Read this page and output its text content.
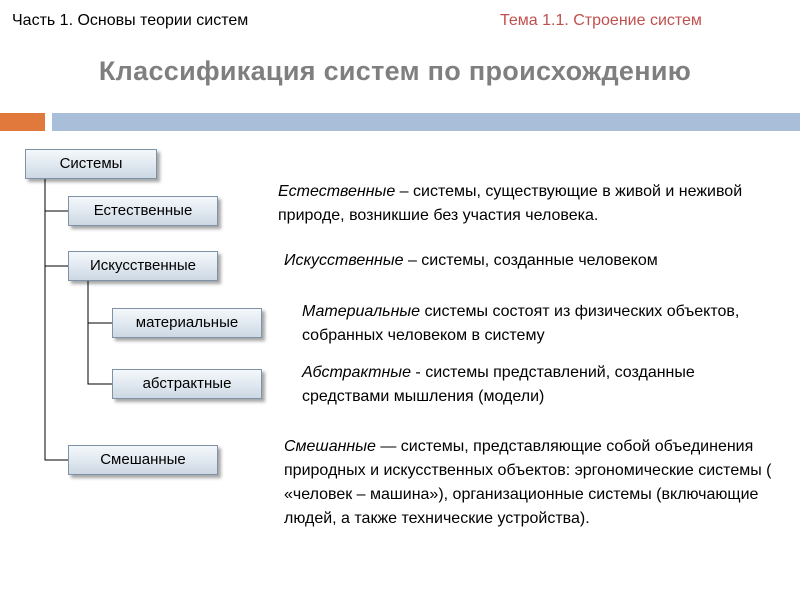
Часть 1. Основы теории систем	Тема 1.1. Строение систем
Классификация систем по происхождению
Системы
Естественные
Искусственные
материальные
абстрактные
Смешанные
Естественные – системы, существующие в живой и неживой природе, возникшие без участия человека.
Искусственные – системы, созданные человеком
Материальные системы состоят из физических объектов, собранных человеком в систему
Абстрактные - системы представлений, созданные средствами мышления (модели)
Смешанные — системы, представляющие собой объединения природных и искусственных объектов: эргономические системы ( «человек – машина»), организационные системы (включающие людей, а также технические устройства).
